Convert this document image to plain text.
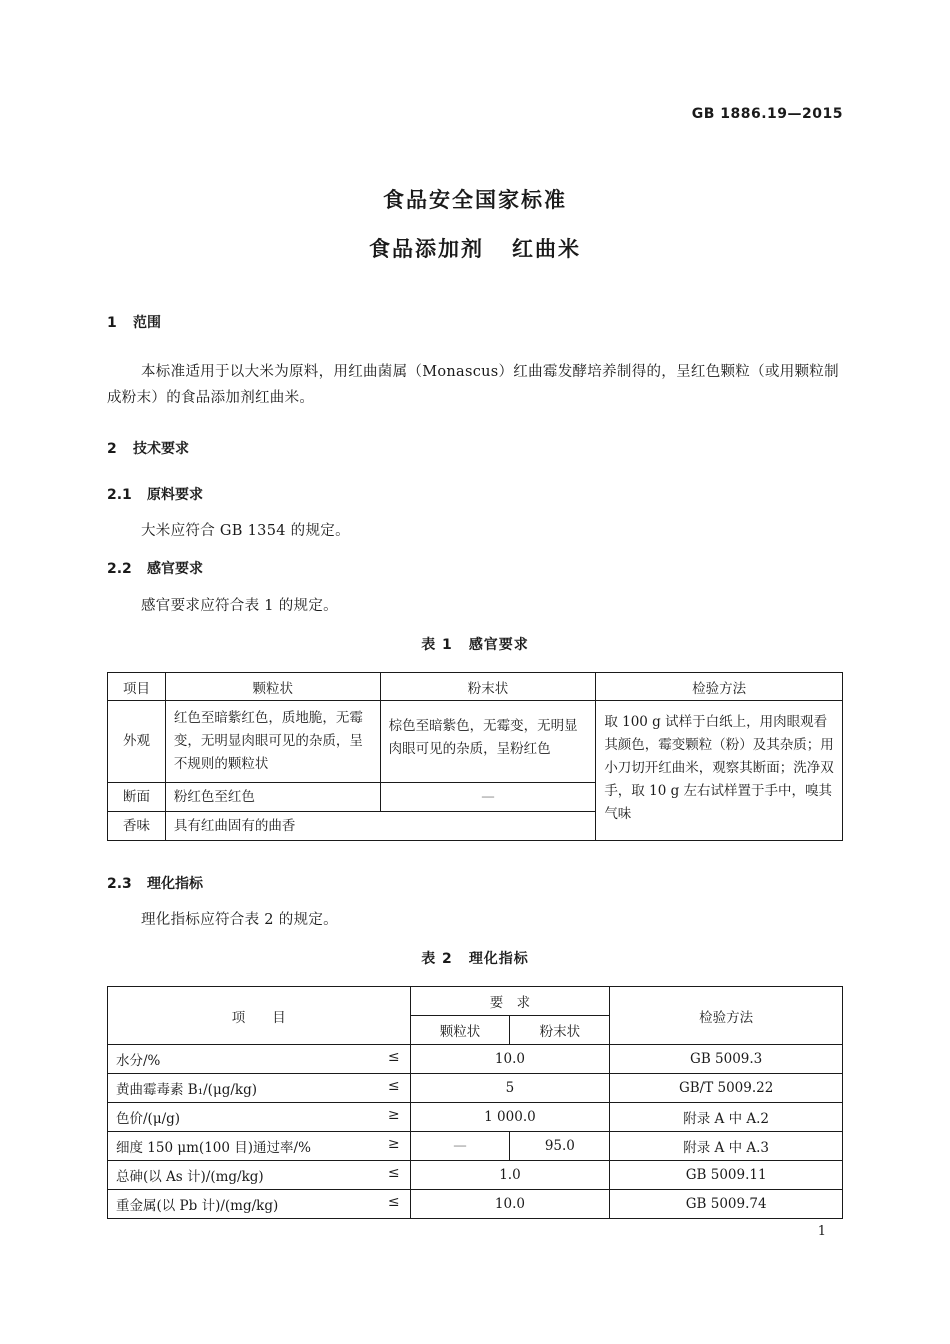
GB 1886.19—2015
食品安全国家标准
食品添加剂 红曲米
1 范围
本标准适用于以大米为原料，用红曲菌属（Monascus）红曲霉发酵培养制得的，呈红色颗粒（或用颗粒制成粉末）的食品添加剂红曲米。
2 技术要求
2.1 原料要求
大米应符合 GB 1354 的规定。
2.2 感官要求
感官要求应符合表 1 的规定。
表 1 感官要求
项目	颗粒状	粉末状	检验方法
外观	红色至暗紫红色，质地脆，无霉变，无明显肉眼可见的杂质，呈不规则的颗粒状	棕色至暗紫色，无霉变，无明显肉眼可见的杂质，呈粉红色	取 100 g 试样于白纸上，用肉眼观看其颜色，霉变颗粒（粉）及其杂质；用小刀切开红曲米，观察其断面；洗净双手，取 10 g 左右试样置于手中，嗅其气味
断面	粉红色至红色	—	
香味	具有红曲固有的曲香		
2.3 理化指标
理化指标应符合表 2 的规定。
表 2 理化指标
项　　目	要　求		检验方法
	颗粒状	粉末状	
水分/% ≤	10.0		GB 5009.3
黄曲霉毒素 B₁/(μg/kg) ≤	5		GB/T 5009.22
色价/(μ/g) ≥	1 000.0		附录 A 中 A.2
细度 150 μm(100 目)通过率/% ≥	—	95.0	附录 A 中 A.3
总砷(以 As 计)/(mg/kg) ≤	1.0		GB 5009.11
重金属(以 Pb 计)/(mg/kg) ≤	10.0		GB 5009.74
1
